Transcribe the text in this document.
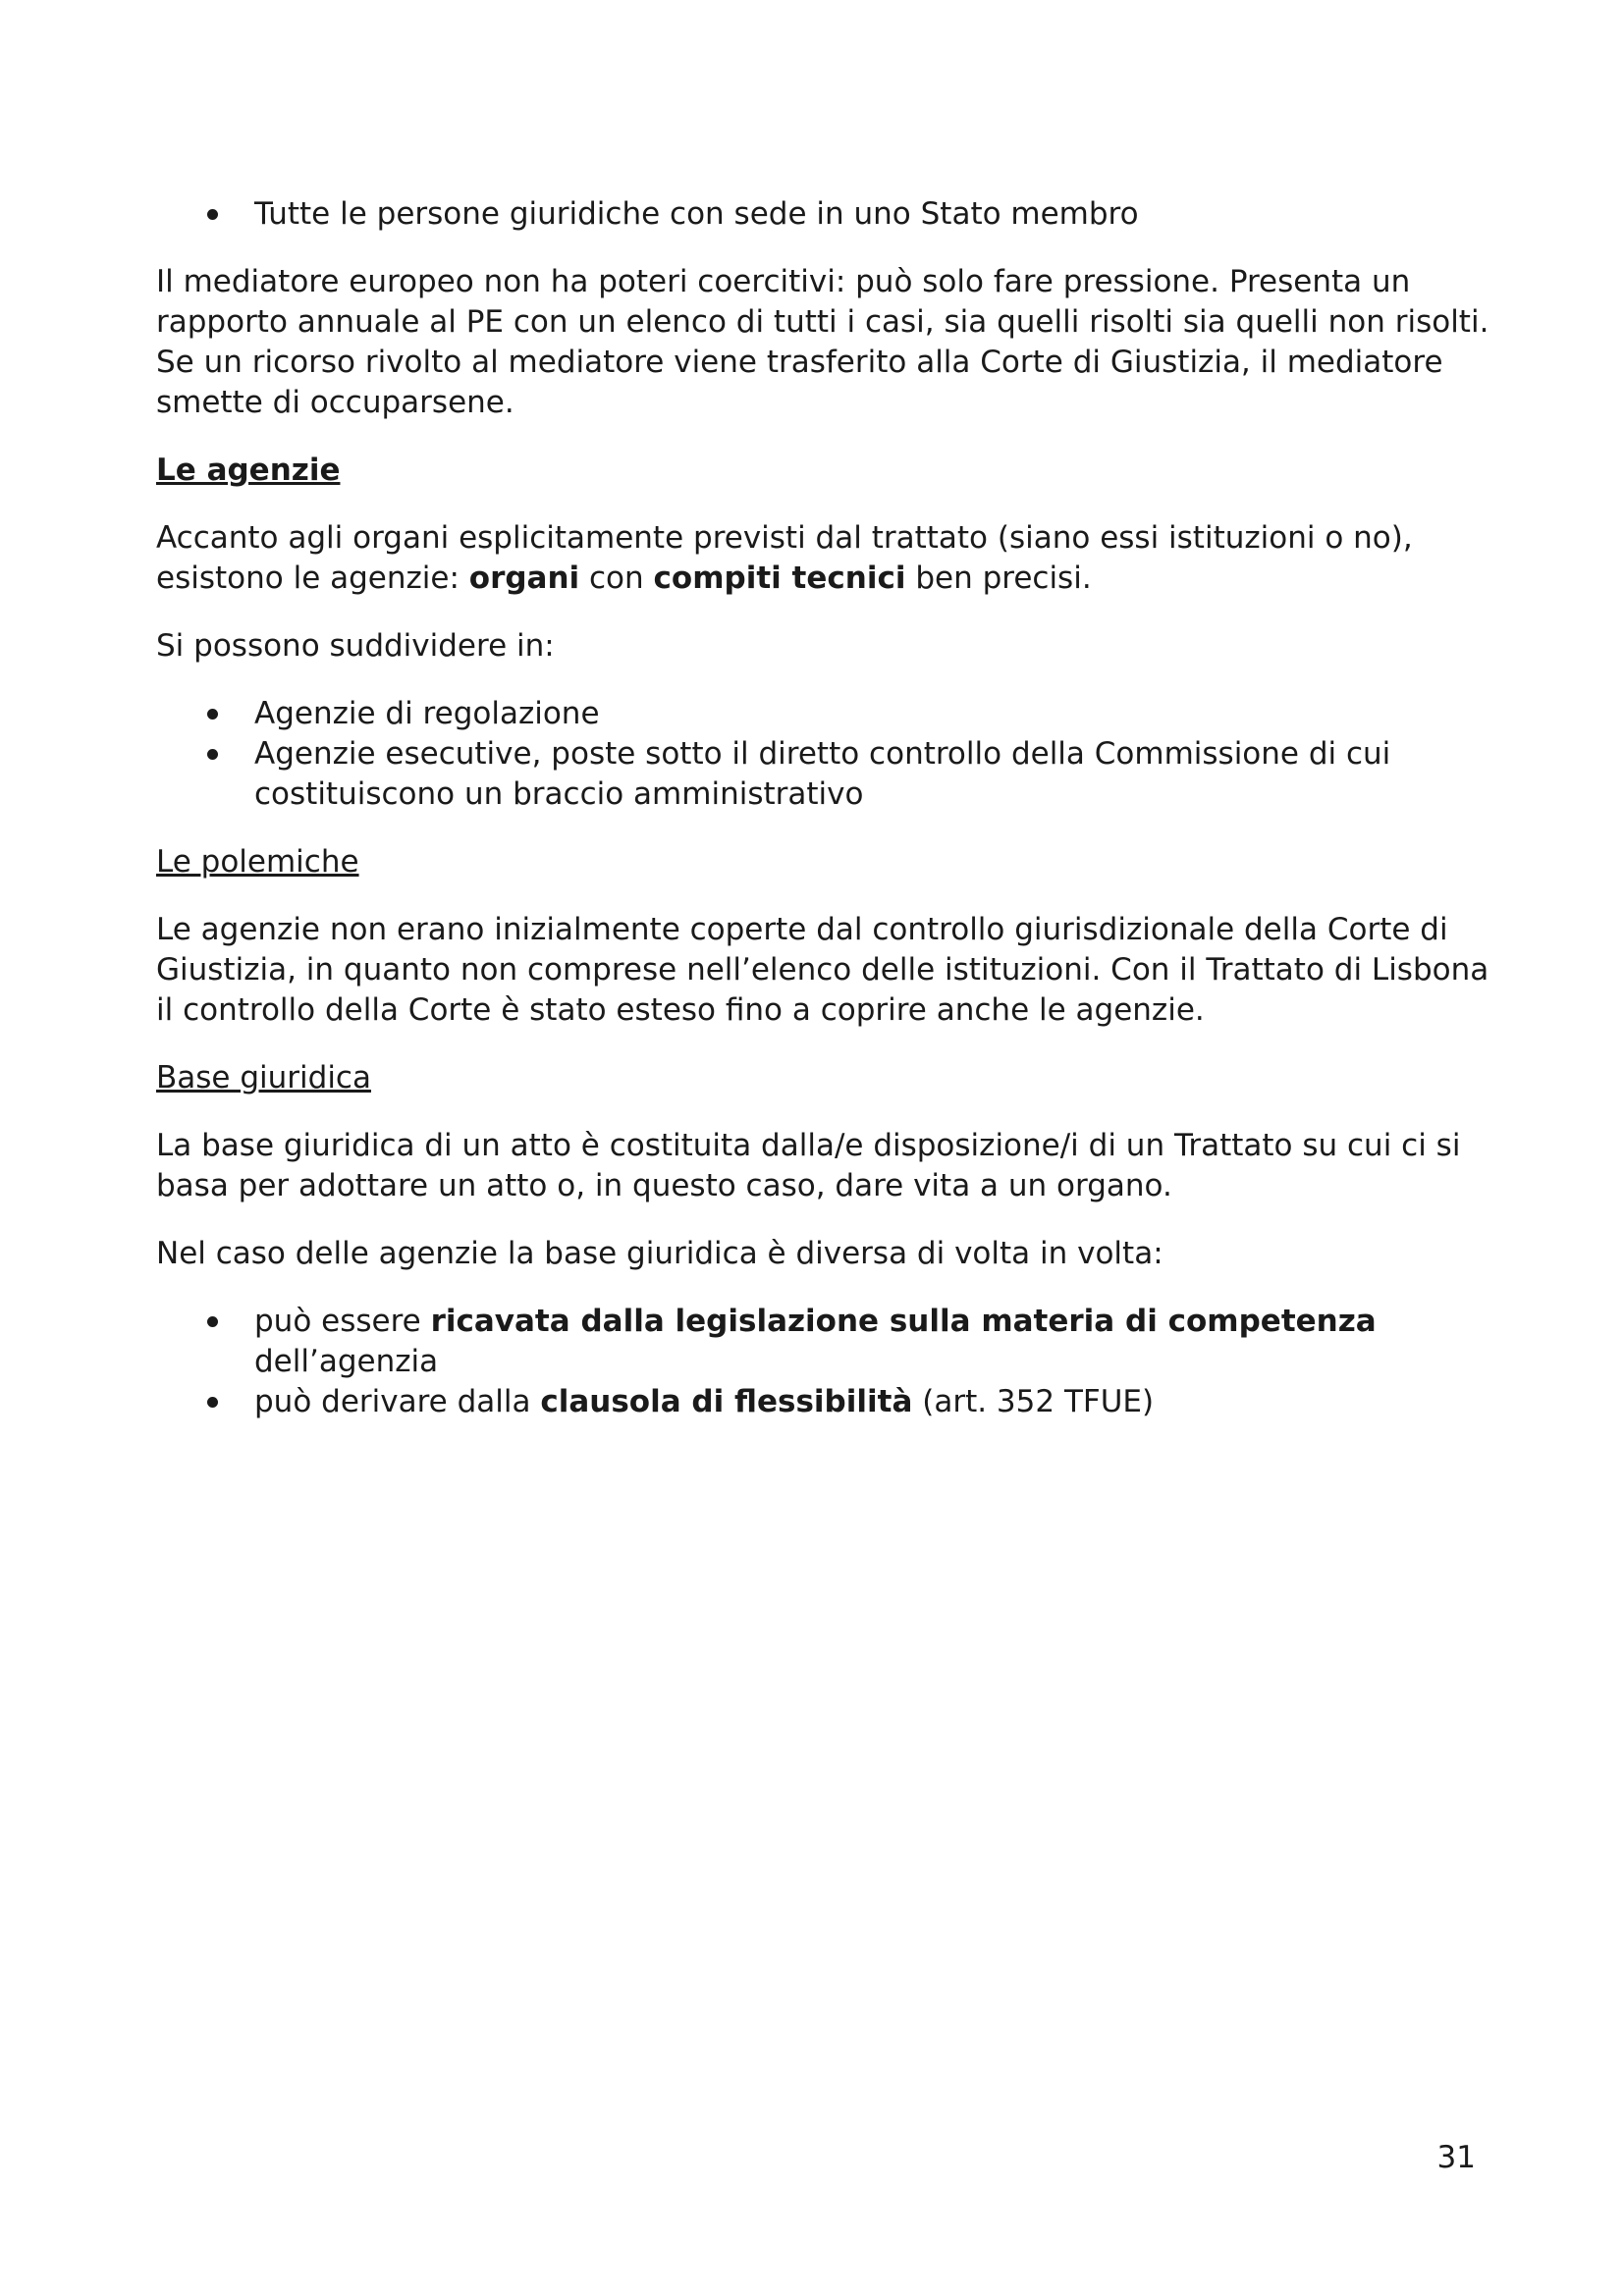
Tutte le persone giuridiche con sede in uno Stato membro

Il mediatore europeo non ha poteri coercitivi: può solo fare pressione. Presenta un rapporto annuale al PE con un elenco di tutti i casi, sia quelli risolti sia quelli non risolti. Se un ricorso rivolto al mediatore viene trasferito alla Corte di Giustizia, il mediatore smette di occuparsene.

Le agenzie

Accanto agli organi esplicitamente previsti dal trattato (siano essi istituzioni o no), esistono le agenzie: organi con compiti tecnici ben precisi.

Si possono suddividere in:

Agenzie di regolazione
Agenzie esecutive, poste sotto il diretto controllo della Commissione di cui costituiscono un braccio amministrativo

Le polemiche

Le agenzie non erano inizialmente coperte dal controllo giurisdizionale della Corte di Giustizia, in quanto non comprese nell’elenco delle istituzioni. Con il Trattato di Lisbona il controllo della Corte è stato esteso fino a coprire anche le agenzie.

Base giuridica

La base giuridica di un atto è costituita dalla/e disposizione/i di un Trattato su cui ci si basa per adottare un atto o, in questo caso, dare vita a un organo.

Nel caso delle agenzie la base giuridica è diversa di volta in volta:

può essere ricavata dalla legislazione sulla materia di competenza dell’agenzia
può derivare dalla clausola di flessibilità (art. 352 TFUE)
31
